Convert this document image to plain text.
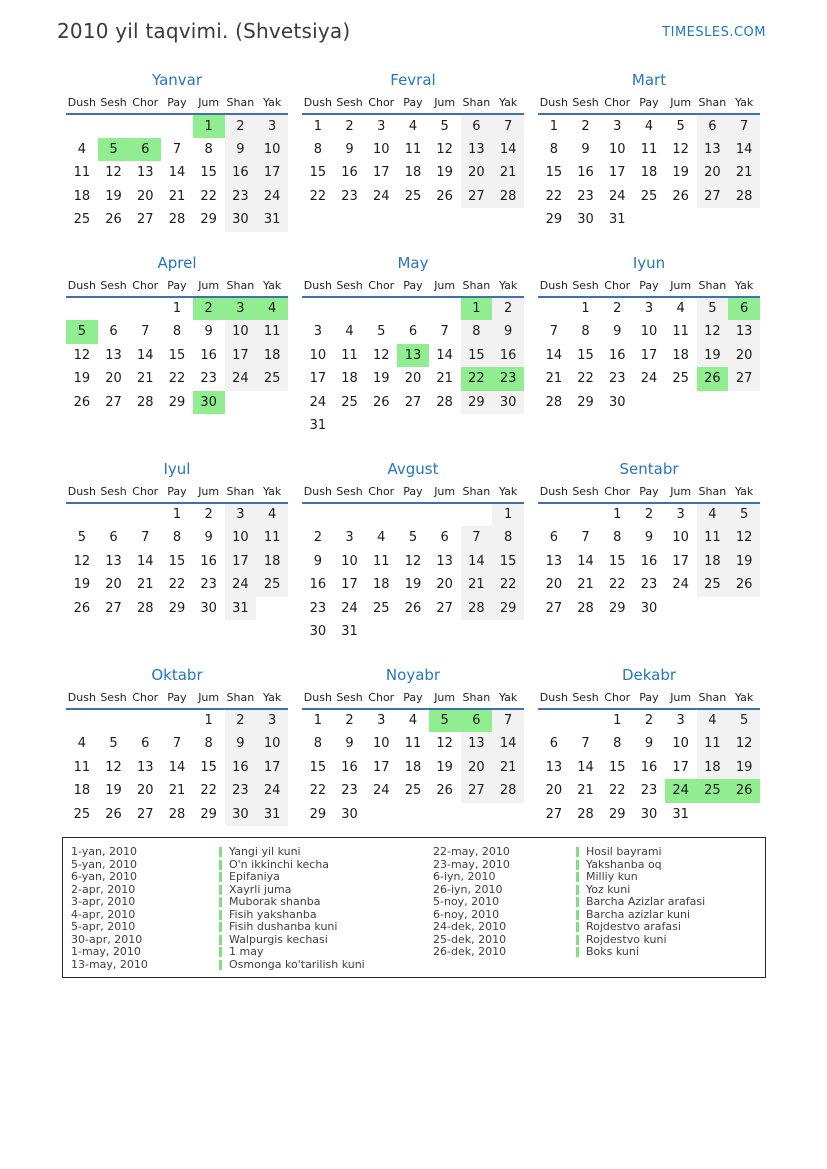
2010 yil taqvimi. (Shvetsiya)	TIMESLES.COM
Yanvar
Dush	Sesh	Chor	Pay	Jum	Shan	Yak
				1	2	3
4	5	6	7	8	9	10
11	12	13	14	15	16	17
18	19	20	21	22	23	24
25	26	27	28	29	30	31
Fevral
Dush	Sesh	Chor	Pay	Jum	Shan	Yak
1	2	3	4	5	6	7
8	9	10	11	12	13	14
15	16	17	18	19	20	21
22	23	24	25	26	27	28
Mart
Dush	Sesh	Chor	Pay	Jum	Shan	Yak
1	2	3	4	5	6	7
8	9	10	11	12	13	14
15	16	17	18	19	20	21
22	23	24	25	26	27	28
29	30	31				
Aprel
Dush	Sesh	Chor	Pay	Jum	Shan	Yak
			1	2	3	4
5	6	7	8	9	10	11
12	13	14	15	16	17	18
19	20	21	22	23	24	25
26	27	28	29	30		
May
Dush	Sesh	Chor	Pay	Jum	Shan	Yak
					1	2
3	4	5	6	7	8	9
10	11	12	13	14	15	16
17	18	19	20	21	22	23
24	25	26	27	28	29	30
31						
Iyun
Dush	Sesh	Chor	Pay	Jum	Shan	Yak
	1	2	3	4	5	6
7	8	9	10	11	12	13
14	15	16	17	18	19	20
21	22	23	24	25	26	27
28	29	30				
Iyul
Dush	Sesh	Chor	Pay	Jum	Shan	Yak
			1	2	3	4
5	6	7	8	9	10	11
12	13	14	15	16	17	18
19	20	21	22	23	24	25
26	27	28	29	30	31	
Avgust
Dush	Sesh	Chor	Pay	Jum	Shan	Yak
						1
2	3	4	5	6	7	8
9	10	11	12	13	14	15
16	17	18	19	20	21	22
23	24	25	26	27	28	29
30	31					
Sentabr
Dush	Sesh	Chor	Pay	Jum	Shan	Yak
		1	2	3	4	5
6	7	8	9	10	11	12
13	14	15	16	17	18	19
20	21	22	23	24	25	26
27	28	29	30			
Oktabr
Dush	Sesh	Chor	Pay	Jum	Shan	Yak
				1	2	3
4	5	6	7	8	9	10
11	12	13	14	15	16	17
18	19	20	21	22	23	24
25	26	27	28	29	30	31
Noyabr
Dush	Sesh	Chor	Pay	Jum	Shan	Yak
1	2	3	4	5	6	7
8	9	10	11	12	13	14
15	16	17	18	19	20	21
22	23	24	25	26	27	28
29	30					
Dekabr
Dush	Sesh	Chor	Pay	Jum	Shan	Yak
		1	2	3	4	5
6	7	8	9	10	11	12
13	14	15	16	17	18	19
20	21	22	23	24	25	26
27	28	29	30	31		
1-yan, 2010	Yangi yil kuni
5-yan, 2010	O'n ikkinchi kecha
6-yan, 2010	Epifaniya
2-apr, 2010	Xayrli juma
3-apr, 2010	Muborak shanba
4-apr, 2010	Fisih yakshanba
5-apr, 2010	Fisih dushanba kuni
30-apr, 2010	Walpurgis kechasi
1-may, 2010	1 may
13-may, 2010	Osmonga ko'tarilish kuni
22-may, 2010	Hosil bayrami
23-may, 2010	Yakshanba oq
6-iyn, 2010	Milliy kun
26-iyn, 2010	Yoz kuni
5-noy, 2010	Barcha Azizlar arafasi
6-noy, 2010	Barcha azizlar kuni
24-dek, 2010	Rojdestvo arafasi
25-dek, 2010	Rojdestvo kuni
26-dek, 2010	Boks kuni
